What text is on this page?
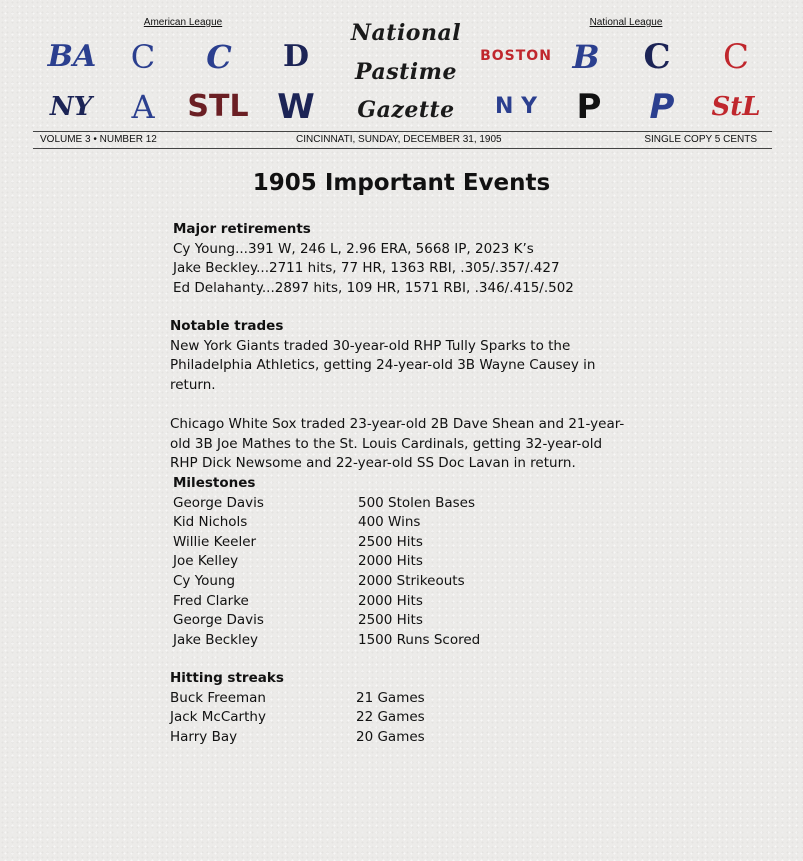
American League	National League
BA C C D
NY A STL W
National
Pastime
Gazette
BOSTON B C C
N Y P P StL
VOLUME 3 • NUMBER 12	CINCINNATI, SUNDAY, DECEMBER 31, 1905	SINGLE COPY 5 CENTS
1905 Important Events
Major retirements
Cy Young...391 W, 246 L, 2.96 ERA, 5668 IP, 2023 K’s
Jake Beckley...2711 hits, 77 HR, 1363 RBI, .305/.357/.427
Ed Delahanty...2897 hits, 109 HR, 1571 RBI, .346/.415/.502
Notable trades
New York Giants traded 30-year-old RHP Tully Sparks to the Philadelphia Athletics, getting 24-year-old 3B Wayne Causey in return.
Chicago White Sox traded 23-year-old 2B Dave Shean and 21-year-old 3B Joe Mathes to the St. Louis Cardinals, getting 32-year-old RHP Dick Newsome and 22-year-old SS Doc Lavan in return.
Milestones
George Davis	500 Stolen Bases
Kid Nichols	400 Wins
Willie Keeler	2500 Hits
Joe Kelley	2000 Hits
Cy Young	2000 Strikeouts
Fred Clarke	2000 Hits
George Davis	2500 Hits
Jake Beckley	1500 Runs Scored
Hitting streaks
Buck Freeman	21 Games
Jack McCarthy	22 Games
Harry Bay	20 Games
